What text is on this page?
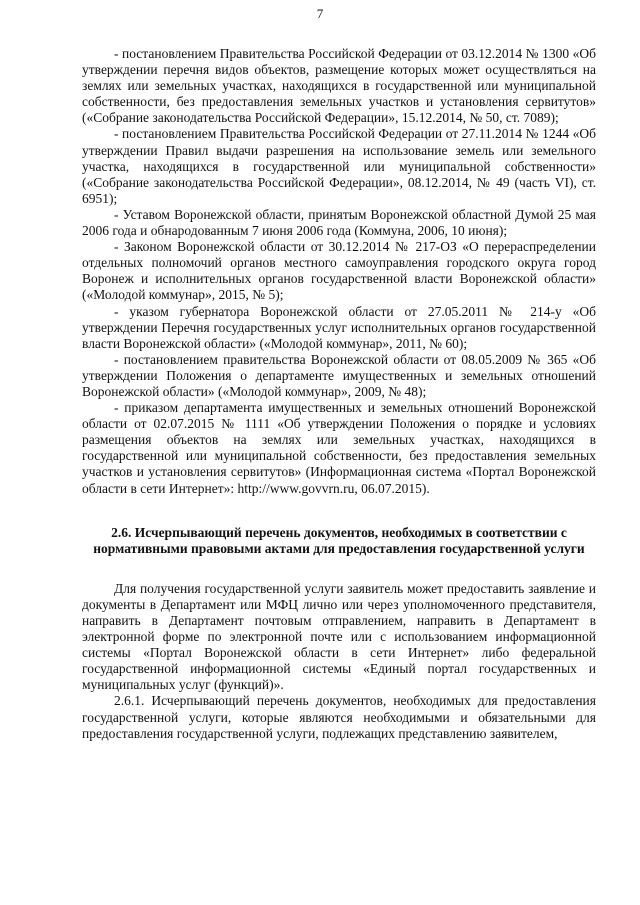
7

- постановлением Правительства Российской Федерации от 03.12.2014 № 1300 «Об утверждении перечня видов объектов, размещение которых может осуществляться на землях или земельных участках, находящихся в государственной или муниципальной собственности, без предоставления земельных участков и установления сервитутов» («Собрание законодательства Российской Федерации», 15.12.2014, № 50, ст. 7089);

- постановлением Правительства Российской Федерации от 27.11.2014 № 1244 «Об утверждении Правил выдачи разрешения на использование земель или земельного участка, находящихся в государственной или муниципальной собственности» («Собрание законодательства Российской Федерации», 08.12.2014, № 49 (часть VI), ст. 6951);

- Уставом Воронежской области, принятым Воронежской областной Думой 25 мая 2006 года и обнародованным 7 июня 2006 года (Коммуна, 2006, 10 июня);

- Законом Воронежской области от 30.12.2014 № 217-ОЗ «О перераспределении отдельных полномочий органов местного самоуправления городского округа город Воронеж и исполнительных органов государственной власти Воронежской области» («Молодой коммунар», 2015, № 5);

- указом губернатора Воронежской области от 27.05.2011 № 214-у «Об утверждении Перечня государственных услуг исполнительных органов государственной власти Воронежской области» («Молодой коммунар», 2011, № 60);

- постановлением правительства Воронежской области от 08.05.2009 № 365 «Об утверждении Положения о департаменте имущественных и земельных отношений Воронежской области» («Молодой коммунар», 2009, № 48);

- приказом департамента имущественных и земельных отношений Воронежской области от 02.07.2015 № 1111 «Об утверждении Положения о порядке и условиях размещения объектов на землях или земельных участках, находящихся в государственной или муниципальной собственности, без предоставления земельных участков и установления сервитутов» (Информационная система «Портал Воронежской области в сети Интернет»: http://www.govvrn.ru, 06.07.2015).

2.6. Исчерпывающий перечень документов, необходимых в соответствии с нормативными правовыми актами для предоставления государственной услуги

Для получения государственной услуги заявитель может предоставить заявление и документы в Департамент или МФЦ лично или через уполномоченного представителя, направить в Департамент почтовым отправлением, направить в Департамент в электронной форме по электронной почте или с использованием информационной системы «Портал Воронежской области в сети Интернет» либо федеральной государственной информационной системы «Единый портал государственных и муниципальных услуг (функций)».

2.6.1. Исчерпывающий перечень документов, необходимых для предоставления государственной услуги, которые являются необходимыми и обязательными для предоставления государственной услуги, подлежащих представлению заявителем,
